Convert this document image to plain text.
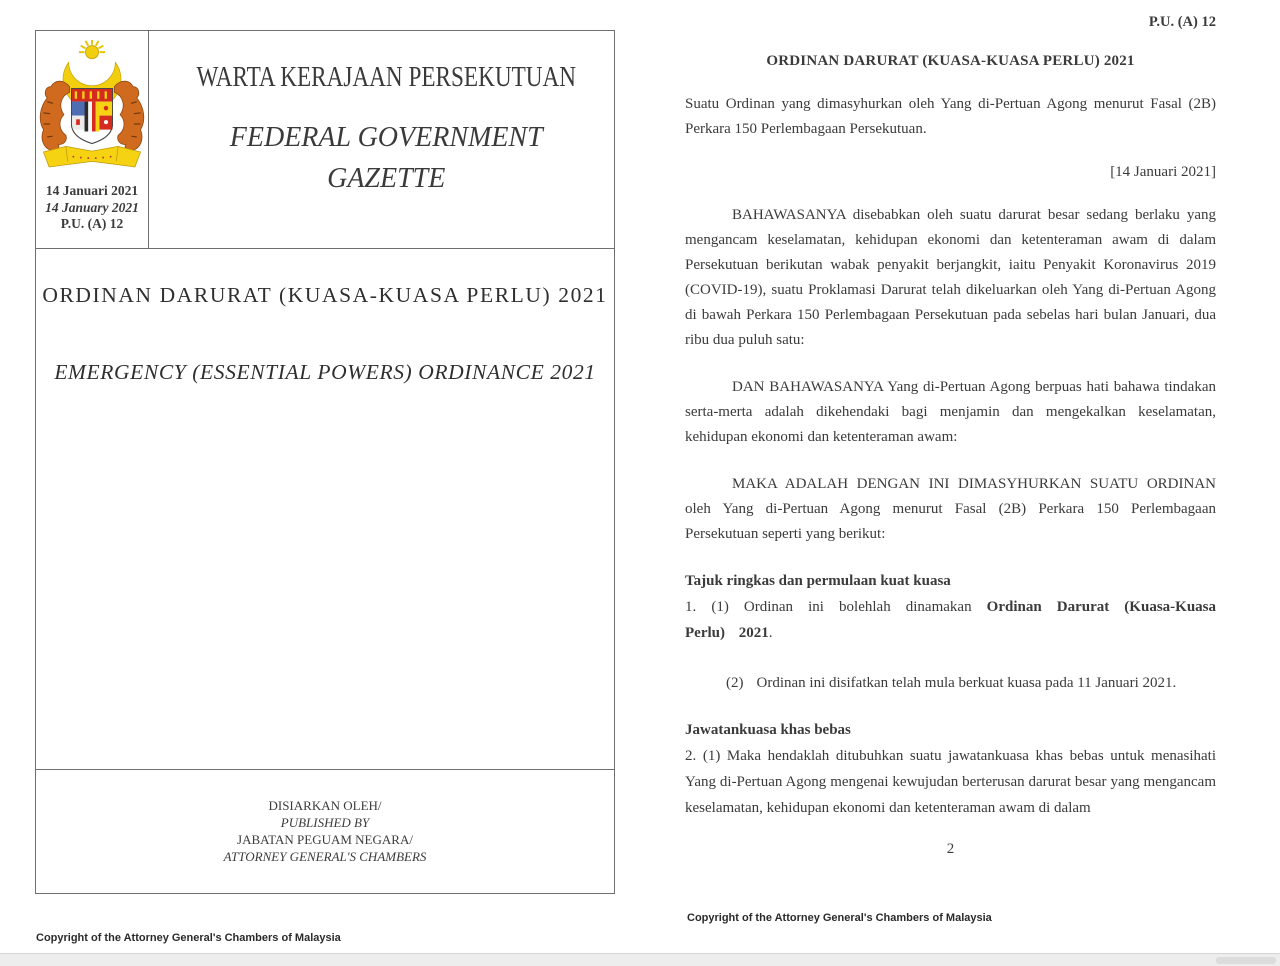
14 Januari 2021
14 January 2021
P.U. (A) 12
WARTA KERAJAAN PERSEKUTUAN
FEDERAL GOVERNMENT
GAZETTE
ORDINAN DARURAT (KUASA-KUASA PERLU) 2021
EMERGENCY (ESSENTIAL POWERS) ORDINANCE 2021
DISIARKAN OLEH/
PUBLISHED BY
JABATAN PEGUAM NEGARA/
ATTORNEY GENERAL'S CHAMBERS
Copyright of the Attorney General's Chambers of Malaysia
P.U. (A) 12
ORDINAN DARURAT (KUASA-KUASA PERLU) 2021

Suatu Ordinan yang dimasyhurkan oleh Yang di-Pertuan Agong menurut Fasal (2B) Perkara 150 Perlembagaan Persekutuan.

[14 Januari 2021]

BAHAWASANYA disebabkan oleh suatu darurat besar sedang berlaku yang mengancam keselamatan, kehidupan ekonomi dan ketenteraman awam di dalam Persekutuan berikutan wabak penyakit berjangkit, iaitu Penyakit Koronavirus 2019 (COVID-19), suatu Proklamasi Darurat telah dikeluarkan oleh Yang di-Pertuan Agong di bawah Perkara 150 Perlembagaan Persekutuan pada sebelas hari bulan Januari, dua ribu dua puluh satu:

DAN BAHAWASANYA Yang di-Pertuan Agong berpuas hati bahawa tindakan serta-merta adalah dikehendaki bagi menjamin dan mengekalkan keselamatan, kehidupan ekonomi dan ketenteraman awam:

MAKA ADALAH DENGAN INI DIMASYHURKAN SUATU ORDINAN oleh Yang di-Pertuan Agong menurut Fasal (2B) Perkara 150 Perlembagaan Persekutuan seperti yang berikut:

Tajuk ringkas dan permulaan kuat kuasa

1. (1) Ordinan ini bolehlah dinamakan Ordinan Darurat (Kuasa-Kuasa Perlu) 2021.

(2) Ordinan ini disifatkan telah mula berkuat kuasa pada 11 Januari 2021.

Jawatankuasa khas bebas

2. (1) Maka hendaklah ditubuhkan suatu jawatankuasa khas bebas untuk menasihati Yang di-Pertuan Agong mengenai kewujudan berterusan darurat besar yang mengancam keselamatan, kehidupan ekonomi dan ketenteraman awam di dalam

2
Copyright of the Attorney General's Chambers of Malaysia
